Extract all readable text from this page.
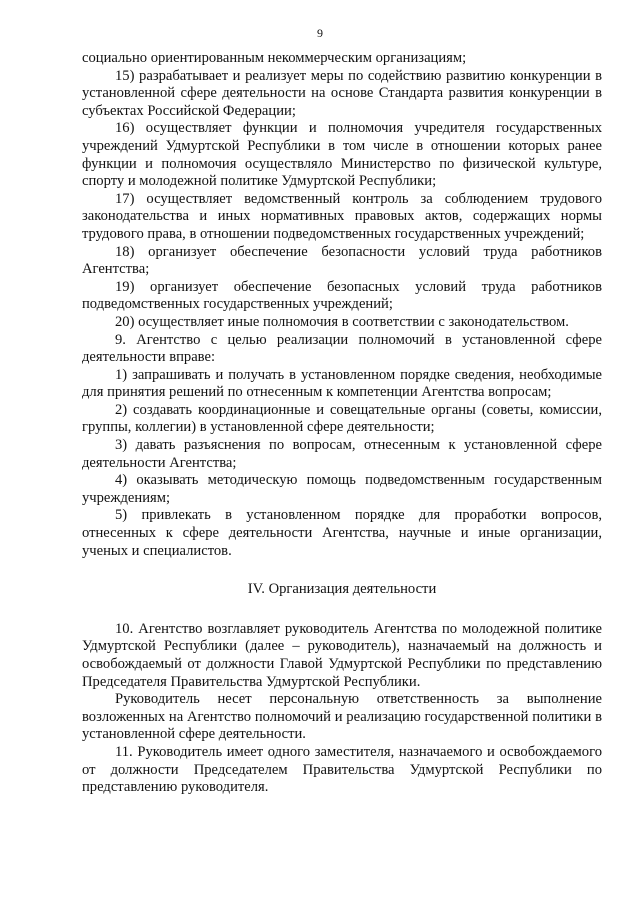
9

социально ориентированным некоммерческим организациям;

15) разрабатывает и реализует меры по содействию развитию конкуренции в установленной сфере деятельности на основе Стандарта развития конкуренции в субъектах Российской Федерации;

16) осуществляет функции и полномочия учредителя государственных учреждений Удмуртской Республики в том числе в отношении которых ранее функции и полномочия осуществляло Министерство по физической культуре, спорту и молодежной политике Удмуртской Республики;

17) осуществляет ведомственный контроль за соблюдением трудового законодательства и иных нормативных правовых актов, содержащих нормы трудового права, в отношении подведомственных государственных учреждений;

18) организует обеспечение безопасности условий труда работников Агентства;

19) организует обеспечение безопасных условий труда работников подведомственных государственных учреждений;

20) осуществляет иные полномочия в соответствии с законодательством.

9. Агентство с целью реализации полномочий в установленной сфере деятельности вправе:

1) запрашивать и получать в установленном порядке сведения, необходимые для принятия решений по отнесенным к компетенции Агентства вопросам;

2) создавать координационные и совещательные органы (советы, комиссии, группы, коллегии) в установленной сфере деятельности;

3) давать разъяснения по вопросам, отнесенным к установленной сфере деятельности Агентства;

4) оказывать методическую помощь подведомственным государственным учреждениям;

5) привлекать в установленном порядке для проработки вопросов, отнесенных к сфере деятельности Агентства, научные и иные организации, ученых и специалистов.

IV. Организация деятельности

10. Агентство возглавляет руководитель Агентства по молодежной политике Удмуртской Республики (далее – руководитель), назначаемый на должность и освобождаемый от должности Главой Удмуртской Республики по представлению Председателя Правительства Удмуртской Республики.

Руководитель несет персональную ответственность за выполнение возложенных на Агентство полномочий и реализацию государственной политики в установленной сфере деятельности.

11. Руководитель имеет одного заместителя, назначаемого и освобождаемого от должности Председателем Правительства Удмуртской Республики по представлению руководителя.
